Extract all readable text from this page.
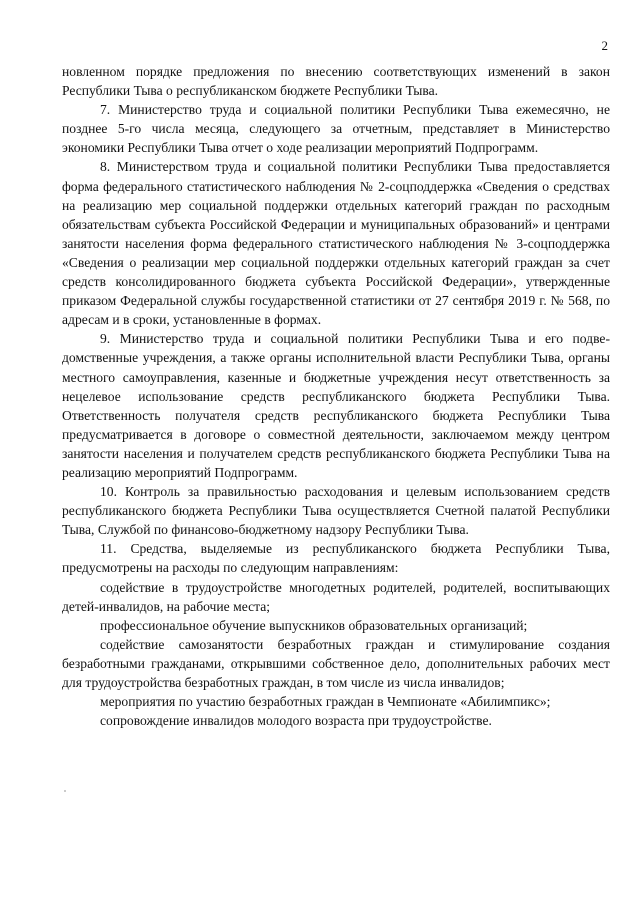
2

новленном порядке предложения по внесению соответствующих изменений в закон Республики Тыва о республиканском бюджете Республики Тыва.

7. Министерство труда и социальной политики Республики Тыва ежемесячно, не позднее 5-го числа месяца, следующего за отчетным, представляет в Министерство экономики Республики Тыва отчет о ходе реализации мероприятий Подпрограмм.

8. Министерством труда и социальной политики Республики Тыва предоставляется форма федерального статистического наблюдения № 2-соцподдержка «Сведения о средствах на реализацию мер социальной поддержки отдельных категорий граждан по расходным обязательствам субъекта Российской Федерации и муниципальных образований» и центрами занятости населения форма федерального статистического наблюдения № 3-соцподдержка «Сведения о реализации мер социальной поддержки отдельных категорий граждан за счет средств консолидированного бюджета субъекта Российской Федерации», утвержденные приказом Федеральной службы государственной статистики от 27 сентября 2019 г. № 568, по адресам и в сроки, установленные в формах.

9. Министерство труда и социальной политики Республики Тыва и его подведомственные учреждения, а также органы исполнительной власти Республики Тыва, органы местного самоуправления, казенные и бюджетные учреждения несут ответственность за нецелевое использование средств республиканского бюджета Республики Тыва. Ответственность получателя средств республиканского бюджета Республики Тыва предусматривается в договоре о совместной деятельности, заключаемом между центром занятости населения и получателем средств республиканского бюджета Республики Тыва на реализацию мероприятий Подпрограмм.

10. Контроль за правильностью расходования и целевым использованием средств республиканского бюджета Республики Тыва осуществляется Счетной палатой Республики Тыва, Службой по финансово-бюджетному надзору Республики Тыва.

11. Средства, выделяемые из республиканского бюджета Республики Тыва, предусмотрены на расходы по следующим направлениям:

содействие в трудоустройстве многодетных родителей, родителей, воспитывающих детей-инвалидов, на рабочие места;

профессиональное обучение выпускников образовательных организаций;

содействие самозанятости безработных граждан и стимулирование создания безработными гражданами, открывшими собственное дело, дополнительных рабочих мест для трудоустройства безработных граждан, в том числе из числа инвалидов;

мероприятия по участию безработных граждан в Чемпионате «Абилимпикс»;

сопровождение инвалидов молодого возраста при трудоустройстве.
